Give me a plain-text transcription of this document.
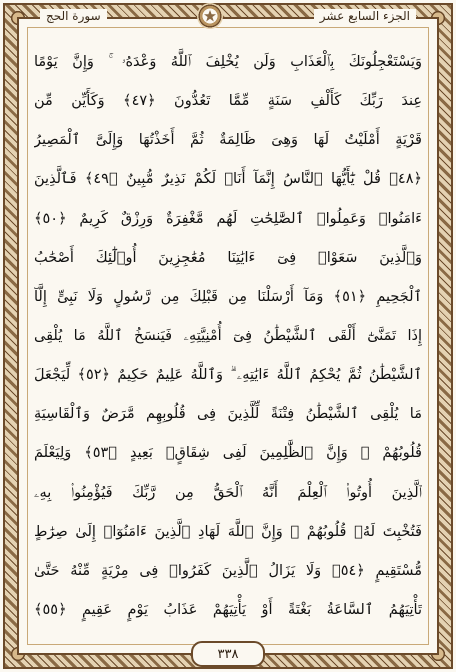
الجزء السابع عشر
سورة الحج
وَيَسْتَعْجِلُونَكَ بِٱلْعَذَابِ وَلَن يُخْلِفَ ٱللَّهُ وَعْدَهُۥ ۚ وَإِنَّ يَوْمًا
عِندَ رَبِّكَ كَأَلْفِ سَنَةٍ مِّمَّا تَعُدُّونَ ﴿٤٧﴾ وَكَأَيِّن مِّن
قَرْيَةٍ أَمْلَيْتُ لَهَا وَهِىَ ظَالِمَةٌ ثُمَّ أَخَذْتُهَا وَإِلَىَّ ٱلْمَصِيرُ
﴿٤٨﴾ قُلْ يَٰٓأَيُّهَا ٱلنَّاسُ إِنَّمَآ أَنَا۠ لَكُمْ نَذِيرٌ مُّبِينٌ ﴿٤٩﴾ فَٱلَّذِينَ
ءَامَنُوا۟ وَعَمِلُوا۟ ٱلصَّٰلِحَٰتِ لَهُم مَّغْفِرَةٌ وَرِزْقٌ كَرِيمٌ ﴿٥٠﴾
وَٱلَّذِينَ سَعَوْا۟ فِىٓ ءَايَٰتِنَا مُعَٰجِزِينَ أُو۟لَٰٓئِكَ أَصْحَٰبُ
ٱلْجَحِيمِ ﴿٥١﴾ وَمَآ أَرْسَلْنَا مِن قَبْلِكَ مِن رَّسُولٍ وَلَا نَبِىٍّ إِلَّآ
إِذَا تَمَنَّىٰٓ أَلْقَى ٱلشَّيْطَٰنُ فِىٓ أُمْنِيَّتِهِۦ فَيَنسَخُ ٱللَّهُ مَا يُلْقِى
ٱلشَّيْطَٰنُ ثُمَّ يُحْكِمُ ٱللَّهُ ءَايَٰتِهِۦ ۗ وَٱللَّهُ عَلِيمٌ حَكِيمٌ ﴿٥٢﴾ لِّيَجْعَلَ
مَا يُلْقِى ٱلشَّيْطَٰنُ فِتْنَةً لِّلَّذِينَ فِى قُلُوبِهِم مَّرَضٌ وَٱلْقَاسِيَةِ
قُلُوبُهُمْ ۗ وَإِنَّ ٱلظَّٰلِمِينَ لَفِى شِقَاقٍۭ بَعِيدٍ ﴿٥٣﴾ وَلِيَعْلَمَ
ٱلَّذِينَ أُوتُوا۟ ٱلْعِلْمَ أَنَّهُ ٱلْحَقُّ مِن رَّبِّكَ فَيُؤْمِنُوا۟ بِهِۦ
فَتُخْبِتَ لَهُۥ قُلُوبُهُمْ ۗ وَإِنَّ ٱللَّهَ لَهَادِ ٱلَّذِينَ ءَامَنُوٓا۟ إِلَىٰ صِرَٰطٍ
مُّسْتَقِيمٍ ﴿٥٤﴾ وَلَا يَزَالُ ٱلَّذِينَ كَفَرُوا۟ فِى مِرْيَةٍ مِّنْهُ حَتَّىٰ
تَأْتِيَهُمُ ٱلسَّاعَةُ بَغْتَةً أَوْ يَأْتِيَهُمْ عَذَابُ يَوْمٍ عَقِيمٍ ﴿٥٥﴾
٣٣٨
